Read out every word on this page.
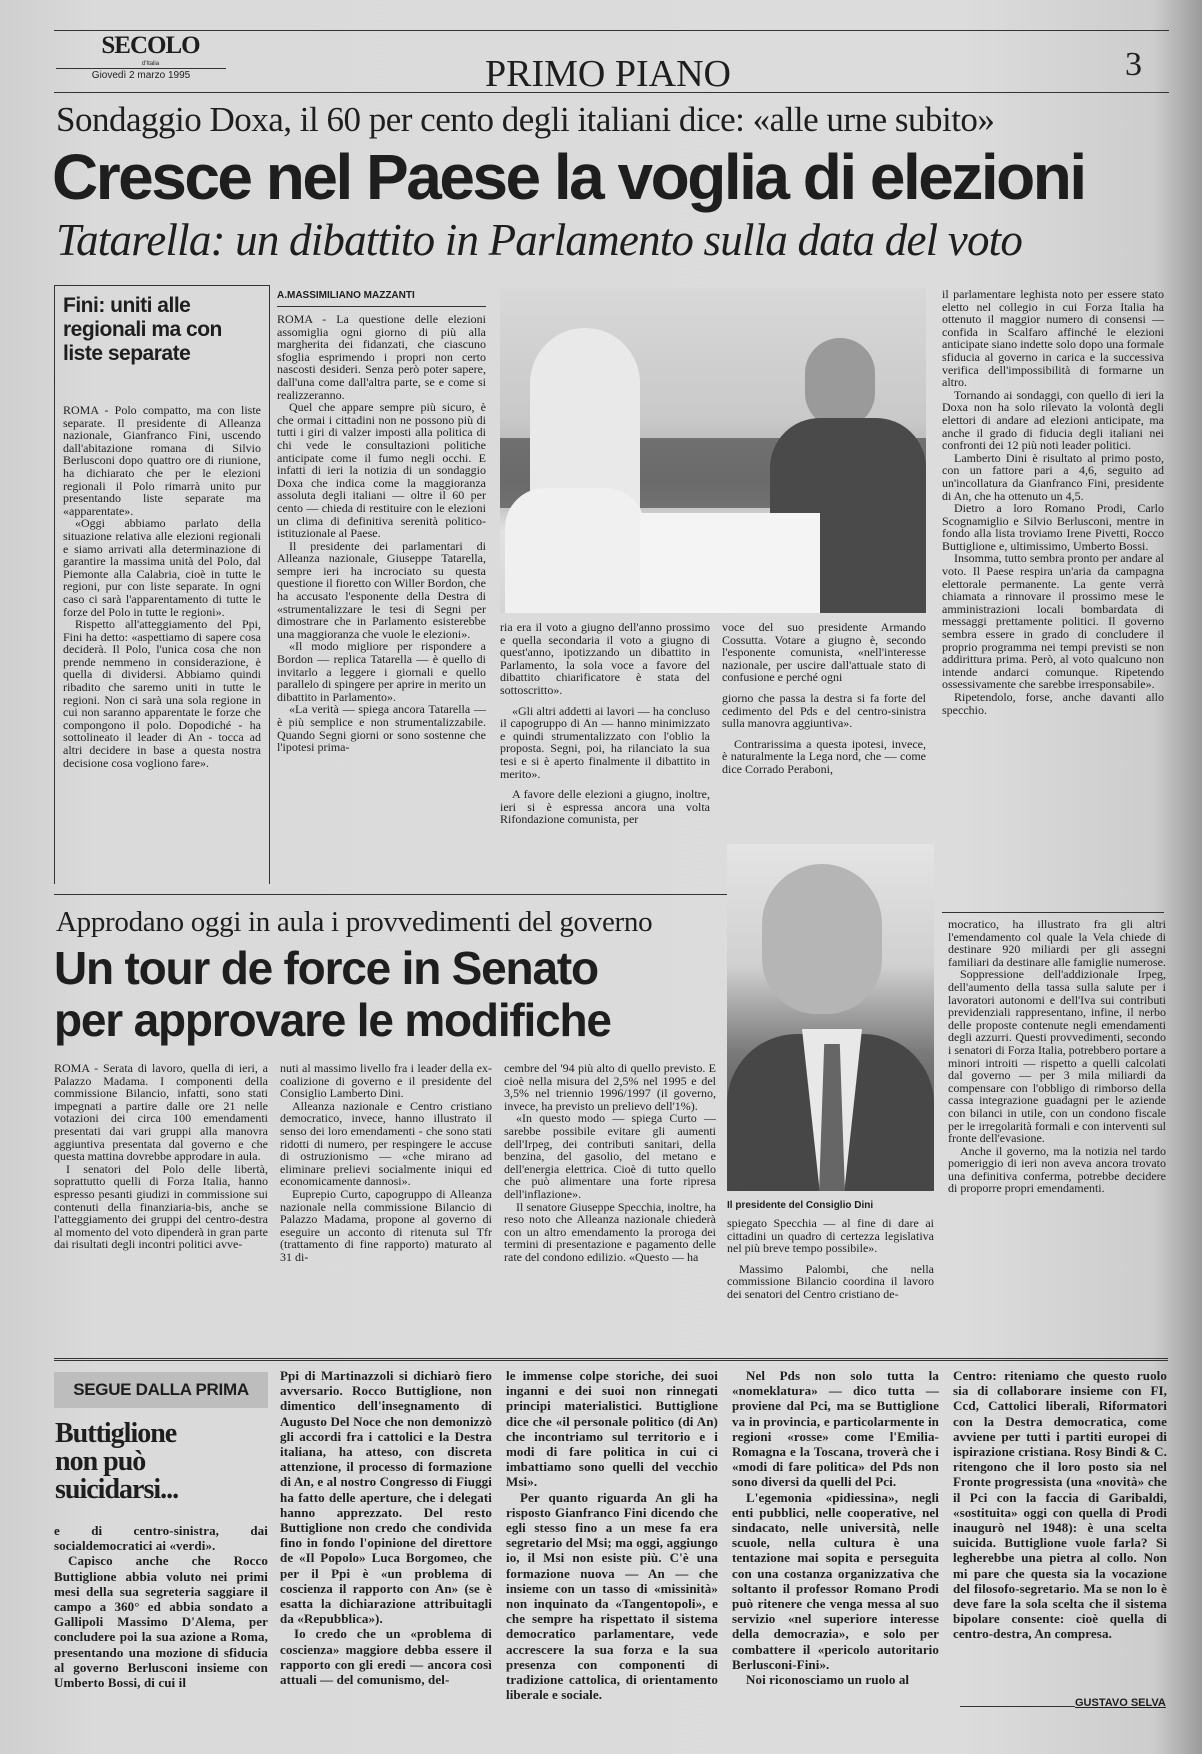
SECOLO
d'Italia
Giovedì 2 marzo 1995	PRIMO PIANO	3
Sondaggio Doxa, il 60 per cento degli italiani dice: «alle urne subito»
Cresce nel Paese la voglia di elezioni
Tatarella: un dibattito in Parlamento sulla data del voto
Fini: uniti alle regionali ma con liste separate

ROMA - Polo compatto, ma con liste separate. Il presidente di Alleanza nazionale, Gianfranco Fini, uscendo dall'abitazione romana di Silvio Berlusconi dopo quattro ore di riunione, ha dichiarato che per le elezioni regionali il Polo rimarrà unito pur presentando liste separate ma «apparentate».

«Oggi abbiamo parlato della situazione relativa alle elezioni regionali e siamo arrivati alla determinazione di garantire la massima unità del Polo, dal Piemonte alla Calabria, cioè in tutte le regioni, pur con liste separate. In ogni caso ci sarà l'apparentamento di tutte le forze del Polo in tutte le regioni».

Rispetto all'atteggiamento del Ppi, Fini ha detto: «aspettiamo di sapere cosa deciderà. Il Polo, l'unica cosa che non prende nemmeno in considerazione, è quella di dividersi. Abbiamo quindi ribadito che saremo uniti in tutte le regioni. Non ci sarà una sola regione in cui non saranno apparentate le forze che compongono il polo. Dopodiché - ha sottolineato il leader di An - tocca ad altri decidere in base a questa nostra decisione cosa vogliono fare».

A.MASSIMILIANO MAZZANTI

ROMA - La questione delle elezioni assomiglia ogni giorno di più alla margherita dei fidanzati, che ciascuno sfoglia esprimendo i propri non certo nascosti desideri. Senza però poter sapere, dall'una come dall'altra parte, se e come si realizzeranno.

Quel che appare sempre più sicuro, è che ormai i cittadini non ne possono più di tutti i giri di valzer imposti alla politica di chi vede le consultazioni politiche anticipate come il fumo negli occhi. E infatti di ieri la notizia di un sondaggio Doxa che indica come la maggioranza assoluta degli italiani — oltre il 60 per cento — chieda di restituire con le elezioni un clima di definitiva serenità politico-istituzionale al Paese.

Il presidente dei parlamentari di Alleanza nazionale, Giuseppe Tatarella, sempre ieri ha incrociato su questa questione il fioretto con Willer Bordon, che ha accusato l'esponente della Destra di «strumentalizzare le tesi di Segni per dimostrare che in Parlamento esisterebbe una maggioranza che vuole le elezioni».

«Il modo migliore per rispondere a Bordon — replica Tatarella — è quello di invitarlo a leggere i giornali e quello parallelo di spingere per aprire in merito un dibattito in Parlamento».

«La verità — spiega ancora Tatarella — è più semplice e non strumentalizzabile. Quando Segni giorni or sono sostenne che l'ipotesi prima-

ria era il voto a giugno dell'anno prossimo e quella secondaria il voto a giugno di quest'anno, ipotizzando un dibattito in Parlamento, la sola voce a favore del dibattito chiarificatore è stata del sottoscritto».

«Gli altri addetti ai lavori — ha concluso il capogruppo di An — hanno minimizzato e quindi strumentalizzato con l'oblio la proposta. Segni, poi, ha rilanciato la sua tesi e si è aperto finalmente il dibattito in merito».

A favore delle elezioni a giugno, inoltre, ieri si è espressa ancora una volta Rifondazione comunista, per

voce del suo presidente Armando Cossutta. Votare a giugno è, secondo l'esponente comunista, «nell'interesse nazionale, per uscire dall'attuale stato di confusione e perché ogni

giorno che passa la destra si fa forte del cedimento del Pds e del centro-sinistra sulla manovra aggiuntiva».

Contrarissima a questa ipotesi, invece, è naturalmente la Lega nord, che — come dice Corrado Peraboni,

il parlamentare leghista noto per essere stato eletto nel collegio in cui Forza Italia ha ottenuto il maggior numero di consensi — confida in Scalfaro affinché le elezioni anticipate siano indette solo dopo una formale sfiducia al governo in carica e la successiva verifica dell'impossibilità di formarne un altro.

Tornando ai sondaggi, con quello di ieri la Doxa non ha solo rilevato la volontà degli elettori di andare ad elezioni anticipate, ma anche il grado di fiducia degli italiani nei confronti dei 12 più noti leader politici.

Lamberto Dini è risultato al primo posto, con un fattore pari a 4,6, seguito ad un'incollatura da Gianfranco Fini, presidente di An, che ha ottenuto un 4,5.

Dietro a loro Romano Prodi, Carlo Scognamiglio e Silvio Berlusconi, mentre in fondo alla lista troviamo Irene Pivetti, Rocco Buttiglione e, ultimissimo, Umberto Bossi.

Insomma, tutto sembra pronto per andare al voto. Il Paese respira un'aria da campagna elettorale permanente. La gente verrà chiamata a rinnovare il prossimo mese le amministrazioni locali bombardata di messaggi prettamente politici. Il governo sembra essere in grado di concludere il proprio programma nei tempi previsti se non addirittura prima. Però, al voto qualcuno non intende andarci comunque. Ripetendo ossessivamente che sarebbe irresponsabile».

Ripetendolo, forse, anche davanti allo specchio.

Approdano oggi in aula i provvedimenti del governo
Un tour de force in Senato
per approvare le modifiche

ROMA - Serata di lavoro, quella di ieri, a Palazzo Madama. I componenti della commissione Bilancio, infatti, sono stati impegnati a partire dalle ore 21 nelle votazioni dei circa 100 emendamenti presentati dai vari gruppi alla manovra aggiuntiva presentata dal governo e che questa mattina dovrebbe approdare in aula.

I senatori del Polo delle libertà, soprattutto quelli di Forza Italia, hanno espresso pesanti giudizi in commissione sui contenuti della finanziaria-bis, anche se l'atteggiamento dei gruppi del centro-destra al momento del voto dipenderà in gran parte dai risultati degli incontri politici avve-

nuti al massimo livello fra i leader della ex-coalizione di governo e il presidente del Consiglio Lamberto Dini.

Alleanza nazionale e Centro cristiano democratico, invece, hanno illustrato il senso dei loro emendamenti - che sono stati ridotti di numero, per respingere le accuse di ostruzionismo — «che mirano ad eliminare prelievi socialmente iniqui ed economicamente dannosi».

Euprepio Curto, capogruppo di Alleanza nazionale nella commissione Bilancio di Palazzo Madama, propone al governo di eseguire un acconto di ritenuta sul Tfr (trattamento di fine rapporto) maturato al 31 di-

cembre del '94 più alto di quello previsto. E cioè nella misura del 2,5% nel 1995 e del 3,5% nel triennio 1996/1997 (il governo, invece, ha previsto un prelievo dell'1%).

«In questo modo — spiega Curto — sarebbe possibile evitare gli aumenti dell'Irpeg, dei contributi sanitari, della benzina, del gasolio, del metano e dell'energia elettrica. Cioè di tutto quello che può alimentare una forte ripresa dell'inflazione».

Il senatore Giuseppe Specchia, inoltre, ha reso noto che Alleanza nazionale chiederà con un altro emendamento la proroga dei termini di presentazione e pagamento delle rate del condono edilizio. «Questo — ha

Il presidente del Consiglio Dini

spiegato Specchia — al fine di dare ai cittadini un quadro di certezza legislativa nel più breve tempo possibile».

Massimo Palombi, che nella commissione Bilancio coordina il lavoro dei senatori del Centro cristiano de-

mocratico, ha illustrato fra gli altri l'emendamento col quale la Vela chiede di destinare 920 miliardi per gli assegni familiari da destinare alle famiglie numerose.

Soppressione dell'addizionale Irpeg, dell'aumento della tassa sulla salute per i lavoratori autonomi e dell'Iva sui contributi previdenziali rappresentano, infine, il nerbo delle proposte contenute negli emendamenti degli azzurri. Questi provvedimenti, secondo i senatori di Forza Italia, potrebbero portare a minori introiti — rispetto a quelli calcolati dal governo — per 3 mila miliardi da compensare con l'obbligo di rimborso della cassa integrazione guadagni per le aziende con bilanci in utile, con un condono fiscale per le irregolarità formali e con interventi sul fronte dell'evasione.

Anche il governo, ma la notizia nel tardo pomeriggio di ieri non aveva ancora trovato una definitiva conferma, potrebbe decidere di proporre propri emendamenti.

SEGUE DALLA PRIMA
Buttiglione non può suicidarsi...

e di centro-sinistra, dai socialdemocratici ai «verdi».

Capisco anche che Rocco Buttiglione abbia voluto nei primi mesi della sua segreteria saggiare il campo a 360° ed abbia sondato a Gallipoli Massimo D'Alema, per concludere poi la sua azione a Roma, presentando una mozione di sfiducia al governo Berlusconi insieme con Umberto Bossi, di cui il

Ppi di Martinazzoli si dichiarò fiero avversario. Rocco Buttiglione, non dimentico dell'insegnamento di Augusto Del Noce che non demonizzò gli accordi fra i cattolici e la Destra italiana, ha atteso, con discreta attenzione, il processo di formazione di An, e al nostro Congresso di Fiuggi ha fatto delle aperture, che i delegati hanno apprezzato. Del resto Buttiglione non credo che condivida fino in fondo l'opinione del direttore de «Il Popolo» Luca Borgomeo, che per il Ppi è «un problema di coscienza il rapporto con An» (se è esatta la dichiarazione attribuitagli da «Repubblica»).

Io credo che un «problema di coscienza» maggiore debba essere il rapporto con gli eredi — ancora così attuali — del comunismo, del-

le immense colpe storiche, dei suoi inganni e dei suoi non rinnegati principi materialistici. Buttiglione dice che «il personale politico (di An) che incontriamo sul territorio e i modi di fare politica in cui ci imbattiamo sono quelli del vecchio Msi».

Per quanto riguarda An gli ha risposto Gianfranco Fini dicendo che egli stesso fino a un mese fa era segretario del Msi; ma oggi, aggiungo io, il Msi non esiste più. C'è una formazione nuova — An — che insieme con un tasso di «missinità» non inquinato da «Tangentopoli», e che sempre ha rispettato il sistema democratico parlamentare, vede accrescere la sua forza e la sua presenza con componenti di tradizione cattolica, di orientamento liberale e sociale.

Nel Pds non solo tutta la «nomeklatura» — dico tutta — proviene dal Pci, ma se Buttiglione va in provincia, e particolarmente in regioni «rosse» come l'Emilia-Romagna e la Toscana, troverà che i «modi di fare politica» del Pds non sono diversi da quelli del Pci.

L'egemonia «pidiessina», negli enti pubblici, nelle cooperative, nel sindacato, nelle università, nelle scuole, nella cultura è una tentazione mai sopita e perseguita con una costanza organizzativa che soltanto il professor Romano Prodi può ritenere che venga messa al suo servizio «nel superiore interesse della democrazia», e solo per combattere il «pericolo autoritario Berlusconi-Fini».

Noi riconosciamo un ruolo al

Centro: riteniamo che questo ruolo sia di collaborare insieme con FI, Ccd, Cattolici liberali, Riformatori con la Destra democratica, come avviene per tutti i partiti europei di ispirazione cristiana. Rosy Bindi & C. ritengono che il loro posto sia nel Fronte progressista (una «novità» che il Pci con la faccia di Garibaldi, «sostituita» oggi con quella di Prodi inaugurò nel 1948): è una scelta suicida. Buttiglione vuole farla? Si legherebbe una pietra al collo. Non mi pare che questa sia la vocazione del filosofo-segretario. Ma se non lo è deve fare la sola scelta che il sistema bipolare consente: cioè quella di centro-destra, An compresa.

GUSTAVO SELVA
